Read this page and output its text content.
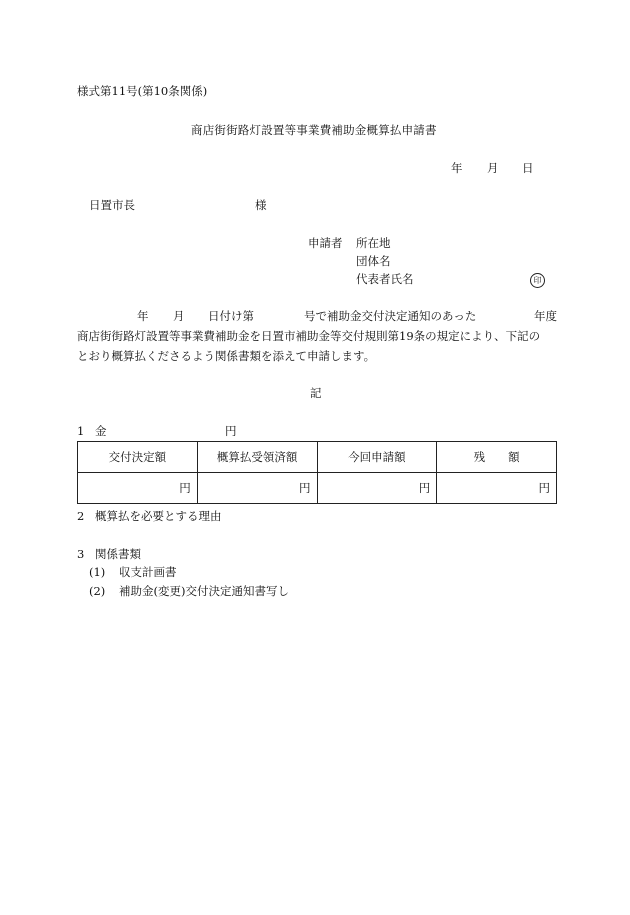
様式第11号(第10条関係)
商店街街路灯設置等事業費補助金概算払申請書
年 月 日
日置市長	様
申請者 所在地
団体名
代表者氏名	印
年 月 日付け第	号で補助金交付決定通知のあった	年度
商店街街路灯設置等事業費補助金を日置市補助金等交付規則第19条の規定により、下記の
とおり概算払くださるよう関係書類を添えて申請します。
記
1 金	円
交付決定額	概算払受領済額	今回申請額	残　　額
円	円	円	円
2 概算払を必要とする理由
3 関係書類
(1) 収支計画書
(2) 補助金(変更)交付決定通知書写し
